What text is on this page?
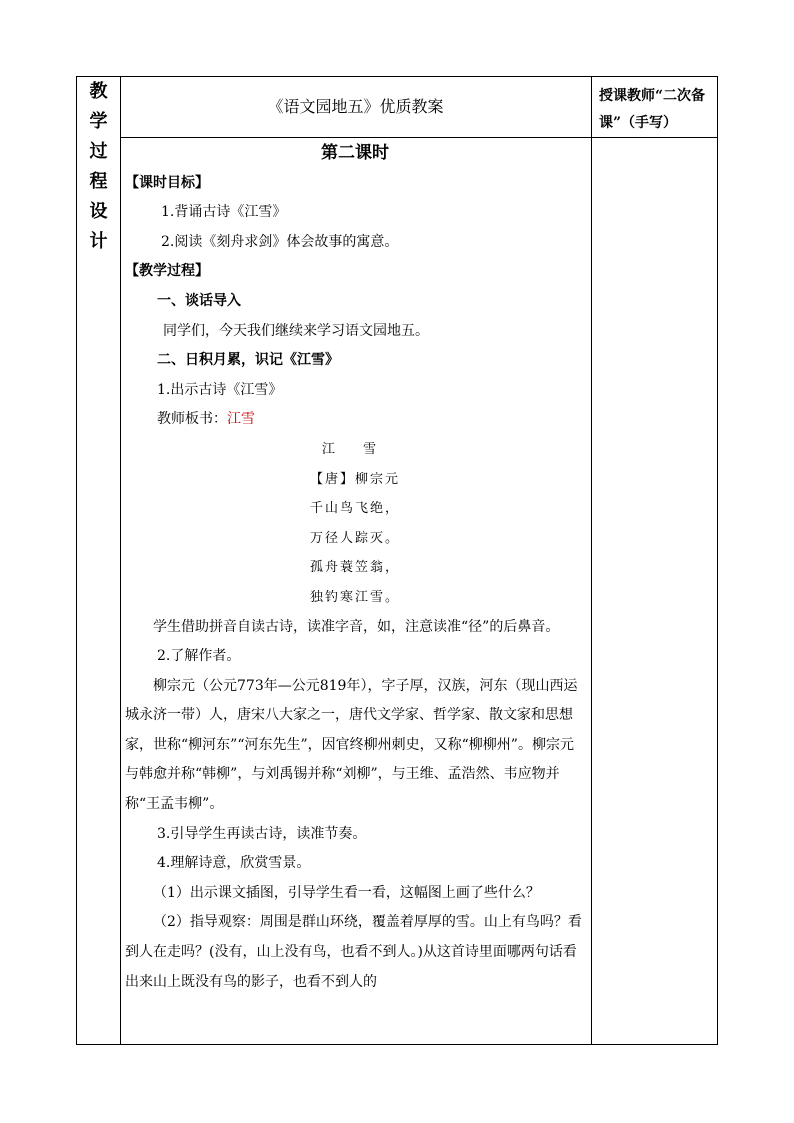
教
学
过
程
设
计
《语文园地五》优质教案
授课教师“二次备课”（手写）
第二课时
【课时目标】
1.背诵古诗《江雪》
2.阅读《刻舟求剑》体会故事的寓意。
【教学过程】
一、谈话导入
同学们，今天我们继续来学习语文园地五。
二、日积月累，识记《江雪》
1.出示古诗《江雪》
教师板书：江雪
江 雪
【唐】柳宗元
千山鸟飞绝，
万径人踪灭。
孤舟蓑笠翁，
独钓寒江雪。
学生借助拼音自读古诗，读准字音，如，注意读准“径”的后鼻音。
2.了解作者。
柳宗元（公元773年—公元819年），字子厚，汉族，河东（现山西运城永济一带）人，唐宋八大家之一，唐代文学家、哲学家、散文家和思想家，世称“柳河东”“河东先生”，因官终柳州刺史，又称“柳柳州”。柳宗元与韩愈并称“韩柳”，与刘禹锡并称“刘柳”，与王维、孟浩然、韦应物并称“王孟韦柳”。
3.引导学生再读古诗，读准节奏。
4.理解诗意，欣赏雪景。
（1）出示课文插图，引导学生看一看，这幅图上画了些什么？
（2）指导观察：周围是群山环绕，覆盖着厚厚的雪。山上有鸟吗？看到人在走吗？(没有，山上没有鸟，也看不到人。)从这首诗里面哪两句话看出来山上既没有鸟的影子，也看不到人的
